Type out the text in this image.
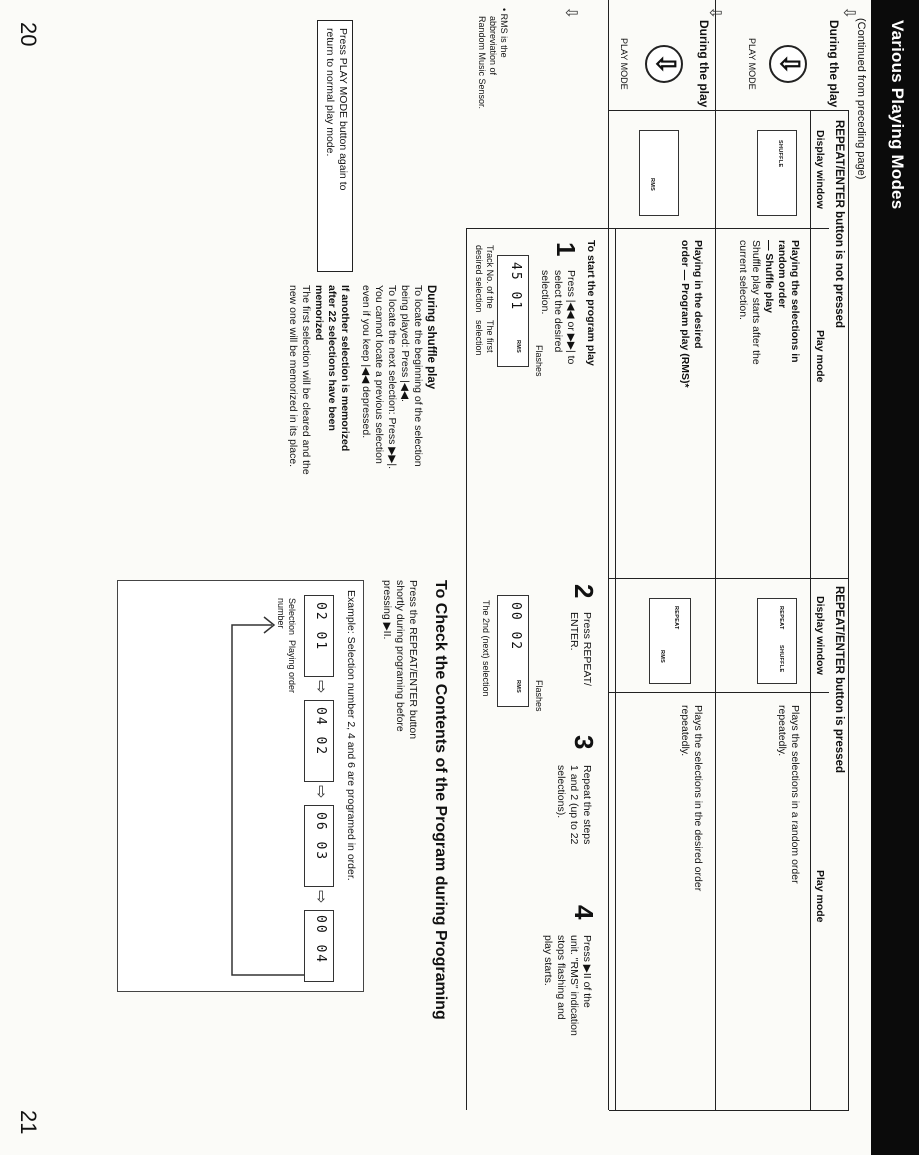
Various Playing Modes
(Continued from preceding page)
REPEAT/ENTER button is not pressed
REPEAT/ENTER button is pressed
Display window
Play mode
Display window
Play mode
⇩
During the play
⇩
PLAY MODE
SHUFFLE
Playing the selections in
random order
— Shuffle play
Shuffle play starts after the
current selection.
REPEAT
SHUFFLE
Plays the selections in a random order
repeatedly.
⇩
During the play
⇩
PLAY MODE
• RMS is the
abbreviation of
Random Music Sensor.
RMS
Playing in the desired
order — Program play (RMS)*
REPEAT
RMS
Plays the selections in the desired order
repeatedly.
To start the program play
1
Press |◀◀ or ▶▶| to
select the desired
selection.
Flashes
45 01
RMS
Track No. of the
desired selection
The first
selection
2
Press REPEAT/
ENTER.
Flashes
00 02
RMS
The 2nd (next) selection
3
Repeat the steps
1 and 2 (up to 22
selections).
4
Press ▶II of the
unit. "RMS" indication
stops flashing and
play starts.
⇩
Press PLAY MODE button again to
return to normal play mode.
During shuffle play
To locate the beginning of the selection
being played: Press |◀◀.
To locate the next selection: Press ▶▶|.
You cannot locate a previous selection
even if you keep |◀◀ depressed.
If another selection is memorized
after 22 selections have been
memorized
The first selection will be cleared and the
new one will be memorized in its place.
To Check the Contents of the Program during Programing
Press the REPEAT/ENTER button
shortly during programing before
pressing ▶II.
Example: Selection number 2, 4 and 6 are programed in order.
02 01
⇨
04 02
⇨
06 03
⇨
00 04
Selection
number
Playing order
20
21
